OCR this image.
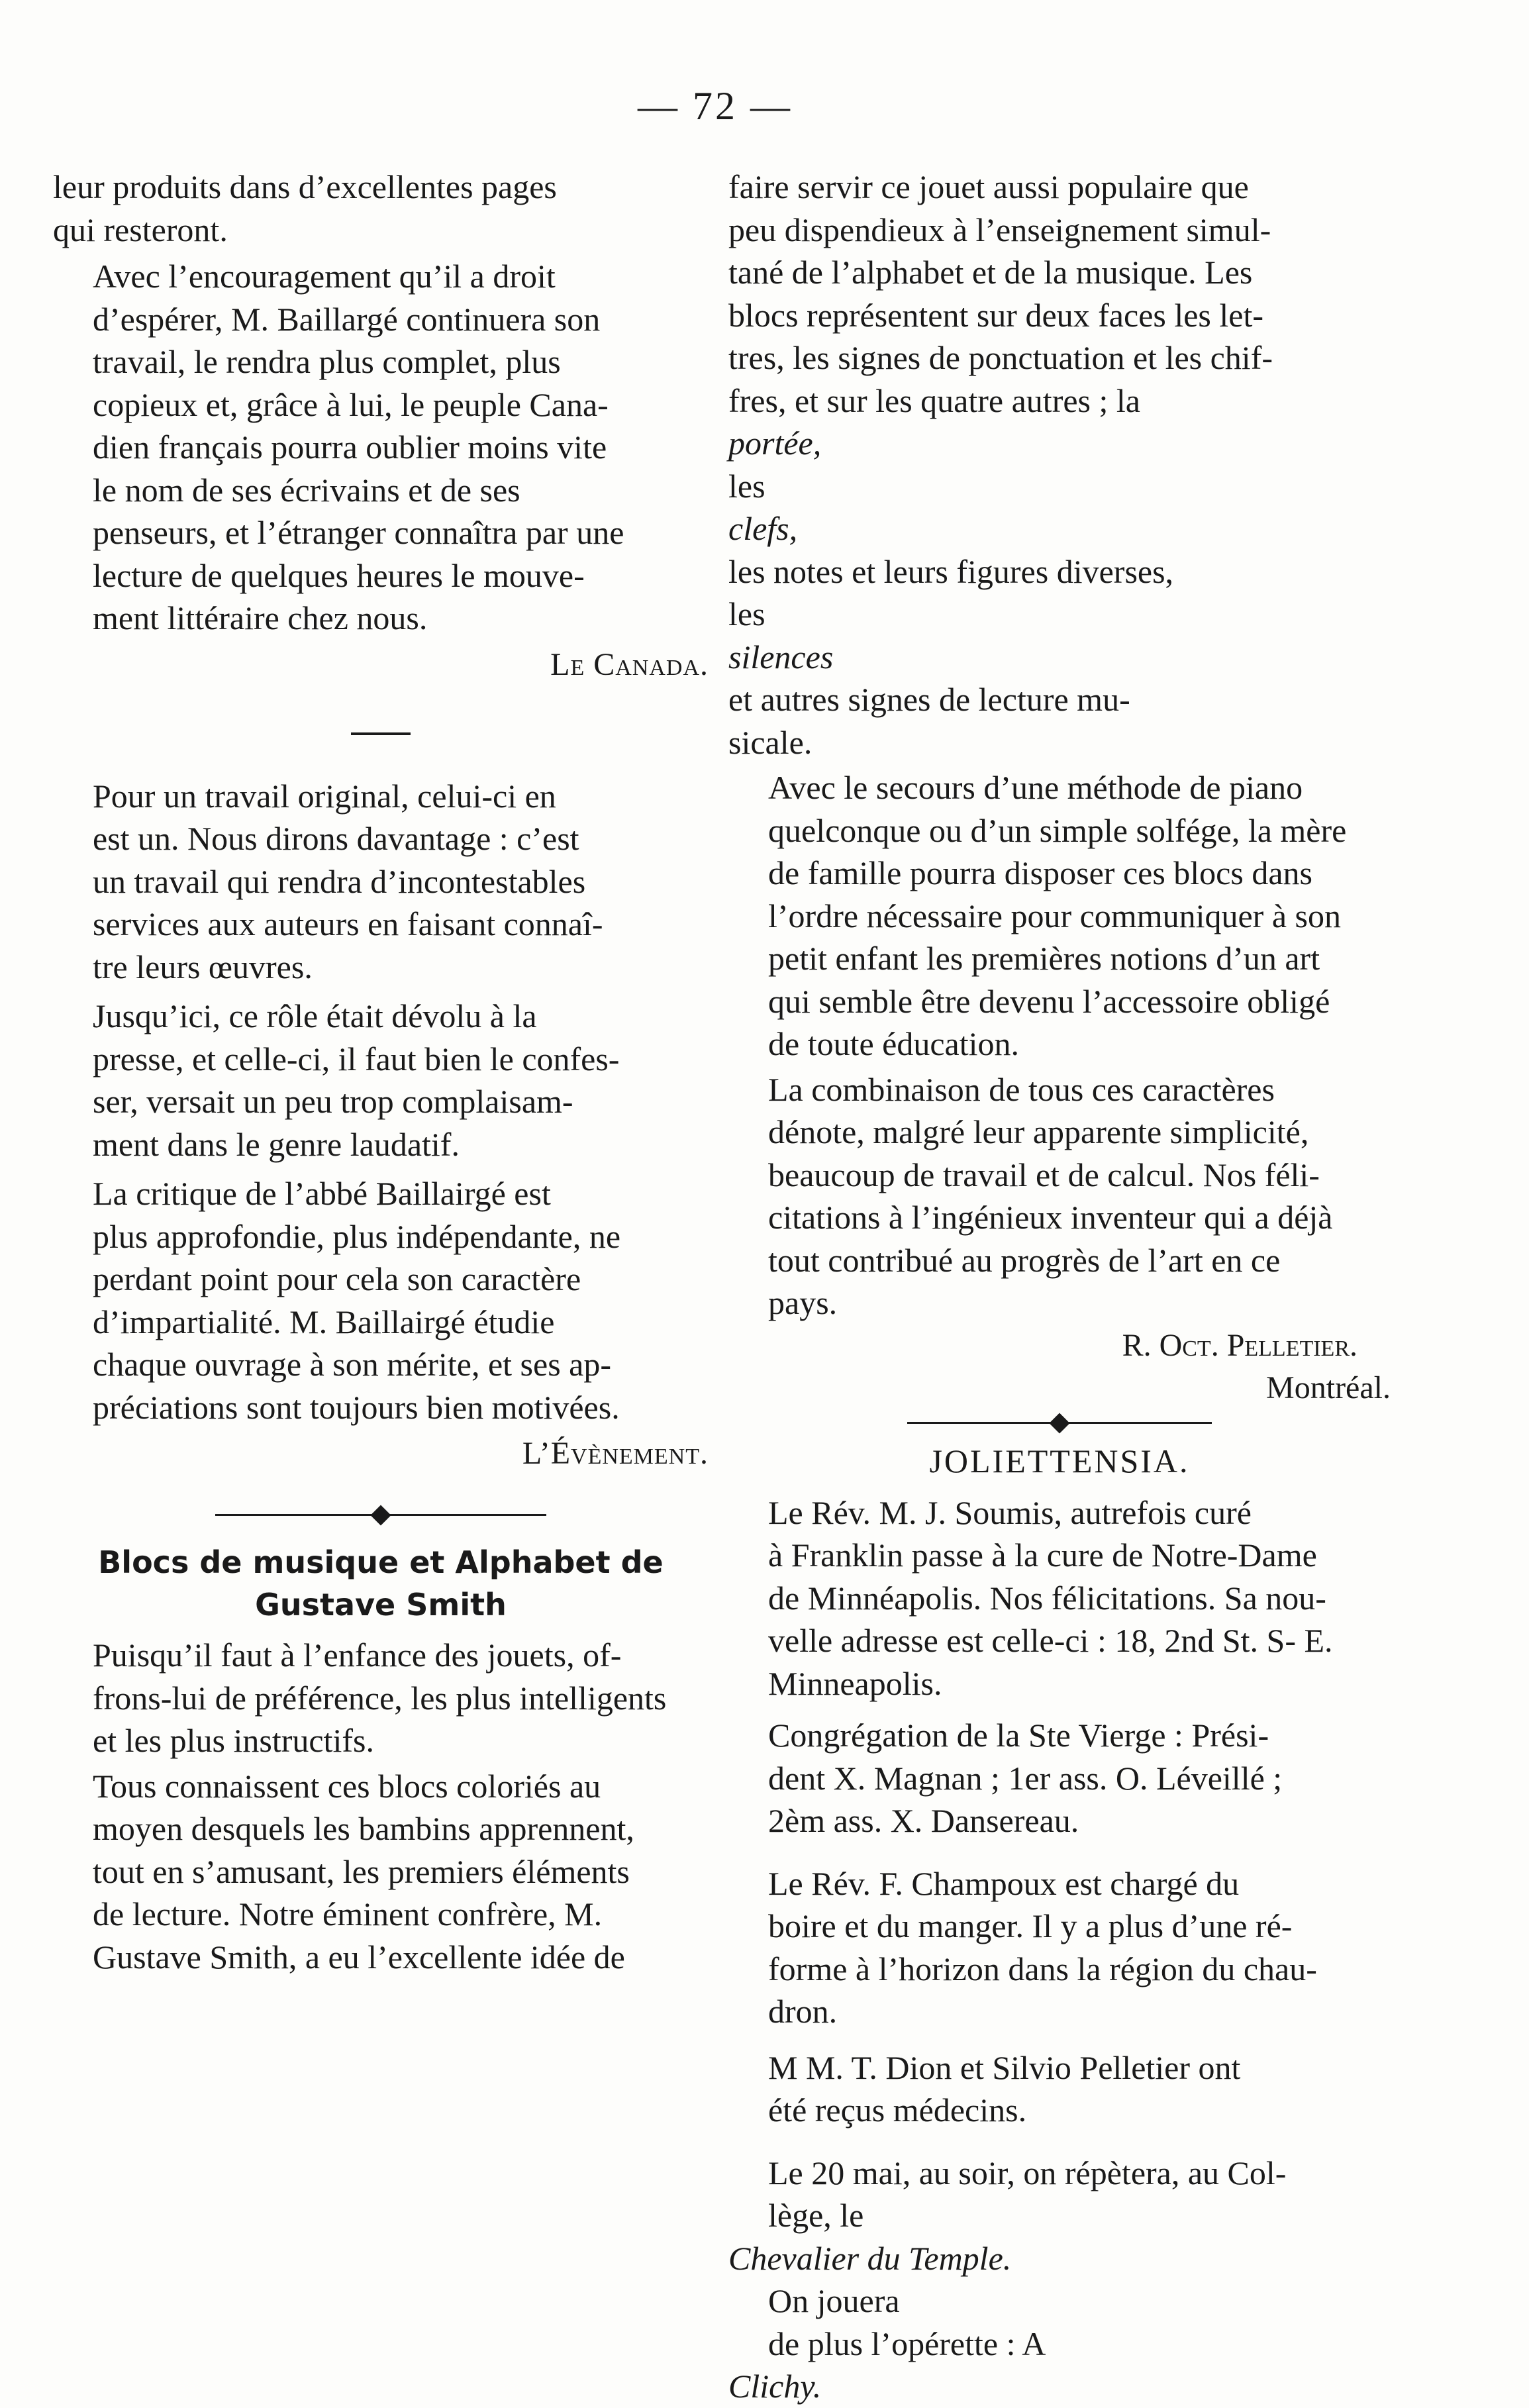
— 72 —

leur produits dans d’excellentes pages
qui resteront.

Avec l’encouragement qu’il a droit
d’espérer, M. Baillargé continuera son
travail, le rendra plus complet, plus
copieux et, grâce à lui, le peuple Cana-
dien français pourra oublier moins vite
le nom de ses écrivains et de ses
penseurs, et l’étranger connaîtra par une
lecture de quelques heures le mouve-
ment littéraire chez nous.

Le Canada.

Pour un travail original, celui-ci en
est un. Nous dirons davantage : c’est
un travail qui rendra d’incontestables
services aux auteurs en faisant connaî-
tre leurs œuvres.

Jusqu’ici, ce rôle était dévolu à la
presse, et celle-ci, il faut bien le confes-
ser, versait un peu trop complaisam-
ment dans le genre laudatif.

La critique de l’abbé Baillairgé est
plus approfondie, plus indépendante, ne
perdant point pour cela son caractère
d’impartialité. M. Baillairgé étudie
chaque ouvrage à son mérite, et ses ap-
préciations sont toujours bien motivées.

L’Évènement.
Blocs de musique et Alphabet de
Gustave Smith

Puisqu’il faut à l’enfance des jouets, of-
frons-lui de préférence, les plus intelligents
et les plus instructifs.

Tous connaissent ces blocs coloriés au
moyen desquels les bambins apprennent,
tout en s’amusant, les premiers éléments
de lecture. Notre éminent confrère, M.
Gustave Smith, a eu l’excellente idée de

faire servir ce jouet aussi populaire que
peu dispendieux à l’enseignement simul-
tané de l’alphabet et de la musique. Les
blocs représentent sur deux faces les let-
tres, les signes de ponctuation et les chif-
fres, et sur les quatre autres ; la
portée,
les
clefs,
les notes et leurs figures diverses,
les
silences
et autres signes de lecture mu-
sicale.

Avec le secours d’une méthode de piano
quelconque ou d’un simple solfége, la mère
de famille pourra disposer ces blocs dans
l’ordre nécessaire pour communiquer à son
petit enfant les premières notions d’un art
qui semble être devenu l’accessoire obligé
de toute éducation.

La combinaison de tous ces caractères
dénote, malgré leur apparente simplicité,
beaucoup de travail et de calcul. Nos féli-
citations à l’ingénieux inventeur qui a déjà
tout contribué au progrès de l’art en ce
pays.

R. Oct. Pelletier.
Montréal.
JOLIETTENSIA.

Le Rév. M. J. Soumis, autrefois curé
à Franklin passe à la cure de Notre-Dame
de Minnéapolis. Nos félicitations. Sa nou-
velle adresse est celle-ci : 18, 2nd St. S- E.
Minneapolis.

Congrégation de la Ste Vierge : Prési-
dent X. Magnan ; 1er ass. O. Léveillé ;
2èm ass. X. Dansereau.

Le Rév. F. Champoux est chargé du
boire et du manger. Il y a plus d’une ré-
forme à l’horizon dans la région du chau-
dron.

M M. T. Dion et Silvio Pelletier ont
été reçus médecins.

Le 20 mai, au soir, on répètera, au Col-
lège, le
Chevalier du Temple.
On jouera
de plus l’opérette : A
Clichy.
